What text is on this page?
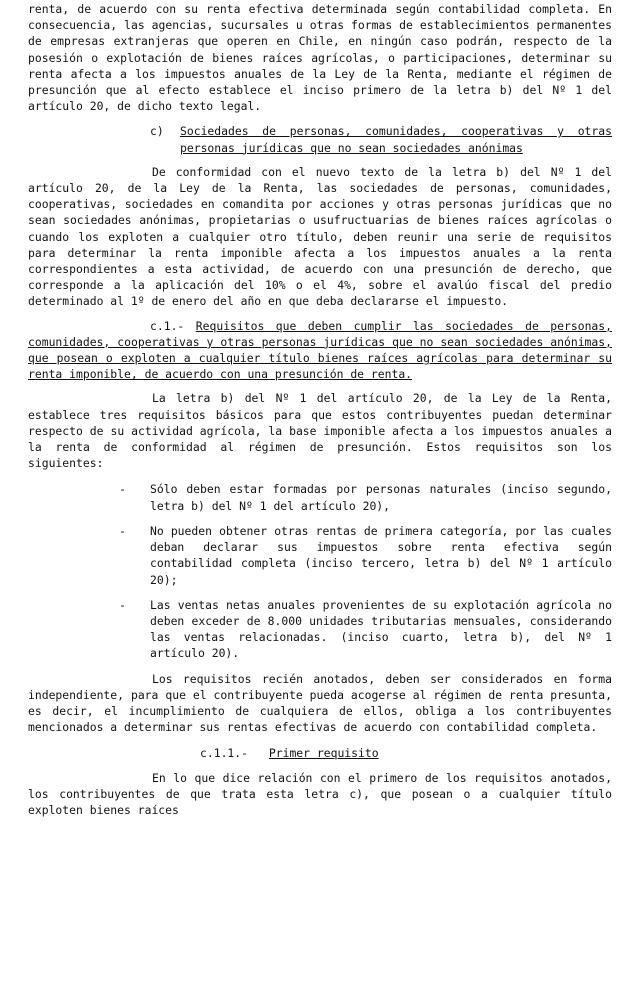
renta, de acuerdo con su renta efectiva determinada según contabilidad completa. En consecuencia, las agencias, sucursales u otras formas de establecimientos permanentes de empresas extranjeras que operen en Chile, en ningún caso podrán, respecto de la posesión o explotación de bienes raíces agrícolas, o participaciones, determinar su renta afecta a los impuestos anuales de la Ley de la Renta, mediante el régimen de presunción que al efecto establece el inciso primero de la letra b) del Nº 1 del artículo 20, de dicho texto legal.

c)	Sociedades de personas, comunidades, cooperativas y otras personas jurídicas que no sean sociedades anónimas

De conformidad con el nuevo texto de la letra b) del Nº 1 del artículo 20, de la Ley de la Renta, las sociedades de personas, comunidades, cooperativas, sociedades en comandita por acciones y otras personas jurídicas que no sean sociedades anónimas, propietarias o usufructuarias de bienes raíces agrícolas o cuando los exploten a cualquier otro título, deben reunir una serie de requisitos para determinar la renta imponible afecta a los impuestos anuales a la renta correspondientes a esta actividad, de acuerdo con una presunción de derecho, que corresponde a la aplicación del 10% o el 4%, sobre el avalúo fiscal del predio determinado al 1º de enero del año en que deba declararse el impuesto.

c.1.- Requisitos que deben cumplir las sociedades de personas, comunidades, cooperativas y otras personas jurídicas que no sean sociedades anónimas, que posean o exploten a cualquier título bienes raíces agrícolas para determinar su renta imponible, de acuerdo con una presunción de renta.

La letra b) del Nº 1 del artículo 20, de la Ley de la Renta, establece tres requisitos básicos para que estos contribuyentes puedan determinar respecto de su actividad agrícola, la base imponible afecta a los impuestos anuales a la renta de conformidad al régimen de presunción. Estos requisitos son los siguientes:

-	Sólo deben estar formadas por personas naturales (inciso segundo, letra b) del Nº 1 del artículo 20),
-	No pueden obtener otras rentas de primera categoría, por las cuales deban declarar sus impuestos sobre renta efectiva según contabilidad completa (inciso tercero, letra b) del Nº 1 artículo 20);
-	Las ventas netas anuales provenientes de su explotación agrícola no deben exceder de 8.000 unidades tributarias mensuales, considerando las ventas relacionadas. (inciso cuarto, letra b), del Nº 1 artículo 20).

Los requisitos recién anotados, deben ser considerados en forma independiente, para que el contribuyente pueda acogerse al régimen de renta presunta, es decir, el incumplimiento de cualquiera de ellos, obliga a los contribuyentes mencionados a determinar sus rentas efectivas de acuerdo con contabilidad completa.

c.1.1.- Primer requisito

En lo que dice relación con el primero de los requisitos anotados, los contribuyentes de que trata esta letra c), que posean o a cualquier título exploten bienes raíces
